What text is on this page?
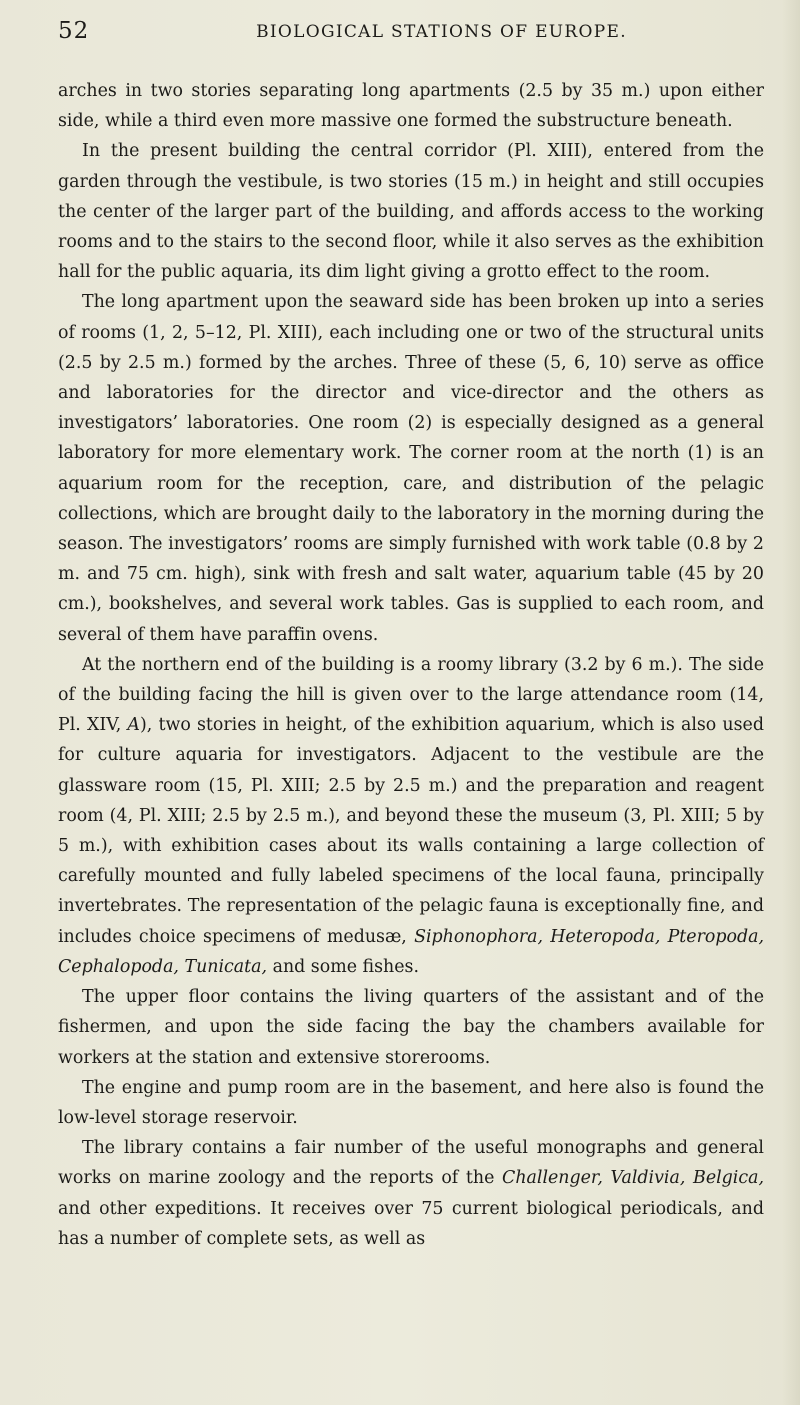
52	BIOLOGICAL STATIONS OF EUROPE.

arches in two stories separating long apartments (2.5 by 35 m.) upon either side, while a third even more massive one formed the substructure beneath.

In the present building the central corridor (Pl. XIII), entered from the garden through the vestibule, is two stories (15 m.) in height and still occupies the center of the larger part of the building, and affords access to the working rooms and to the stairs to the second floor, while it also serves as the exhibition hall for the public aquaria, its dim light giving a grotto effect to the room.

The long apartment upon the seaward side has been broken up into a series of rooms (1, 2, 5–12, Pl. XIII), each including one or two of the structural units (2.5 by 2.5 m.) formed by the arches. Three of these (5, 6, 10) serve as office and laboratories for the director and vice-director and the others as investigators’ laboratories. One room (2) is especially designed as a general laboratory for more elementary work. The corner room at the north (1) is an aquarium room for the reception, care, and distribution of the pelagic collections, which are brought daily to the laboratory in the morning during the season. The investigators’ rooms are simply furnished with work table (0.8 by 2 m. and 75 cm. high), sink with fresh and salt water, aquarium table (45 by 20 cm.), bookshelves, and several work tables. Gas is supplied to each room, and several of them have paraffin ovens.

At the northern end of the building is a roomy library (3.2 by 6 m.). The side of the building facing the hill is given over to the large attendance room (14, Pl. XIV, A), two stories in height, of the exhibition aquarium, which is also used for culture aquaria for investigators. Adjacent to the vestibule are the glassware room (15, Pl. XIII; 2.5 by 2.5 m.) and the preparation and reagent room (4, Pl. XIII; 2.5 by 2.5 m.), and beyond these the museum (3, Pl. XIII; 5 by 5 m.), with exhibition cases about its walls containing a large collection of carefully mounted and fully labeled specimens of the local fauna, principally invertebrates. The representation of the pelagic fauna is exceptionally fine, and includes choice specimens of medusæ, Siphonophora, Heteropoda, Pteropoda, Cephalopoda, Tunicata, and some fishes.

The upper floor contains the living quarters of the assistant and of the fishermen, and upon the side facing the bay the chambers available for workers at the station and extensive storerooms.

The engine and pump room are in the basement, and here also is found the low-level storage reservoir.

The library contains a fair number of the useful monographs and general works on marine zoology and the reports of the Challenger, Valdivia, Belgica, and other expeditions. It receives over 75 current biological periodicals, and has a number of complete sets, as well as
